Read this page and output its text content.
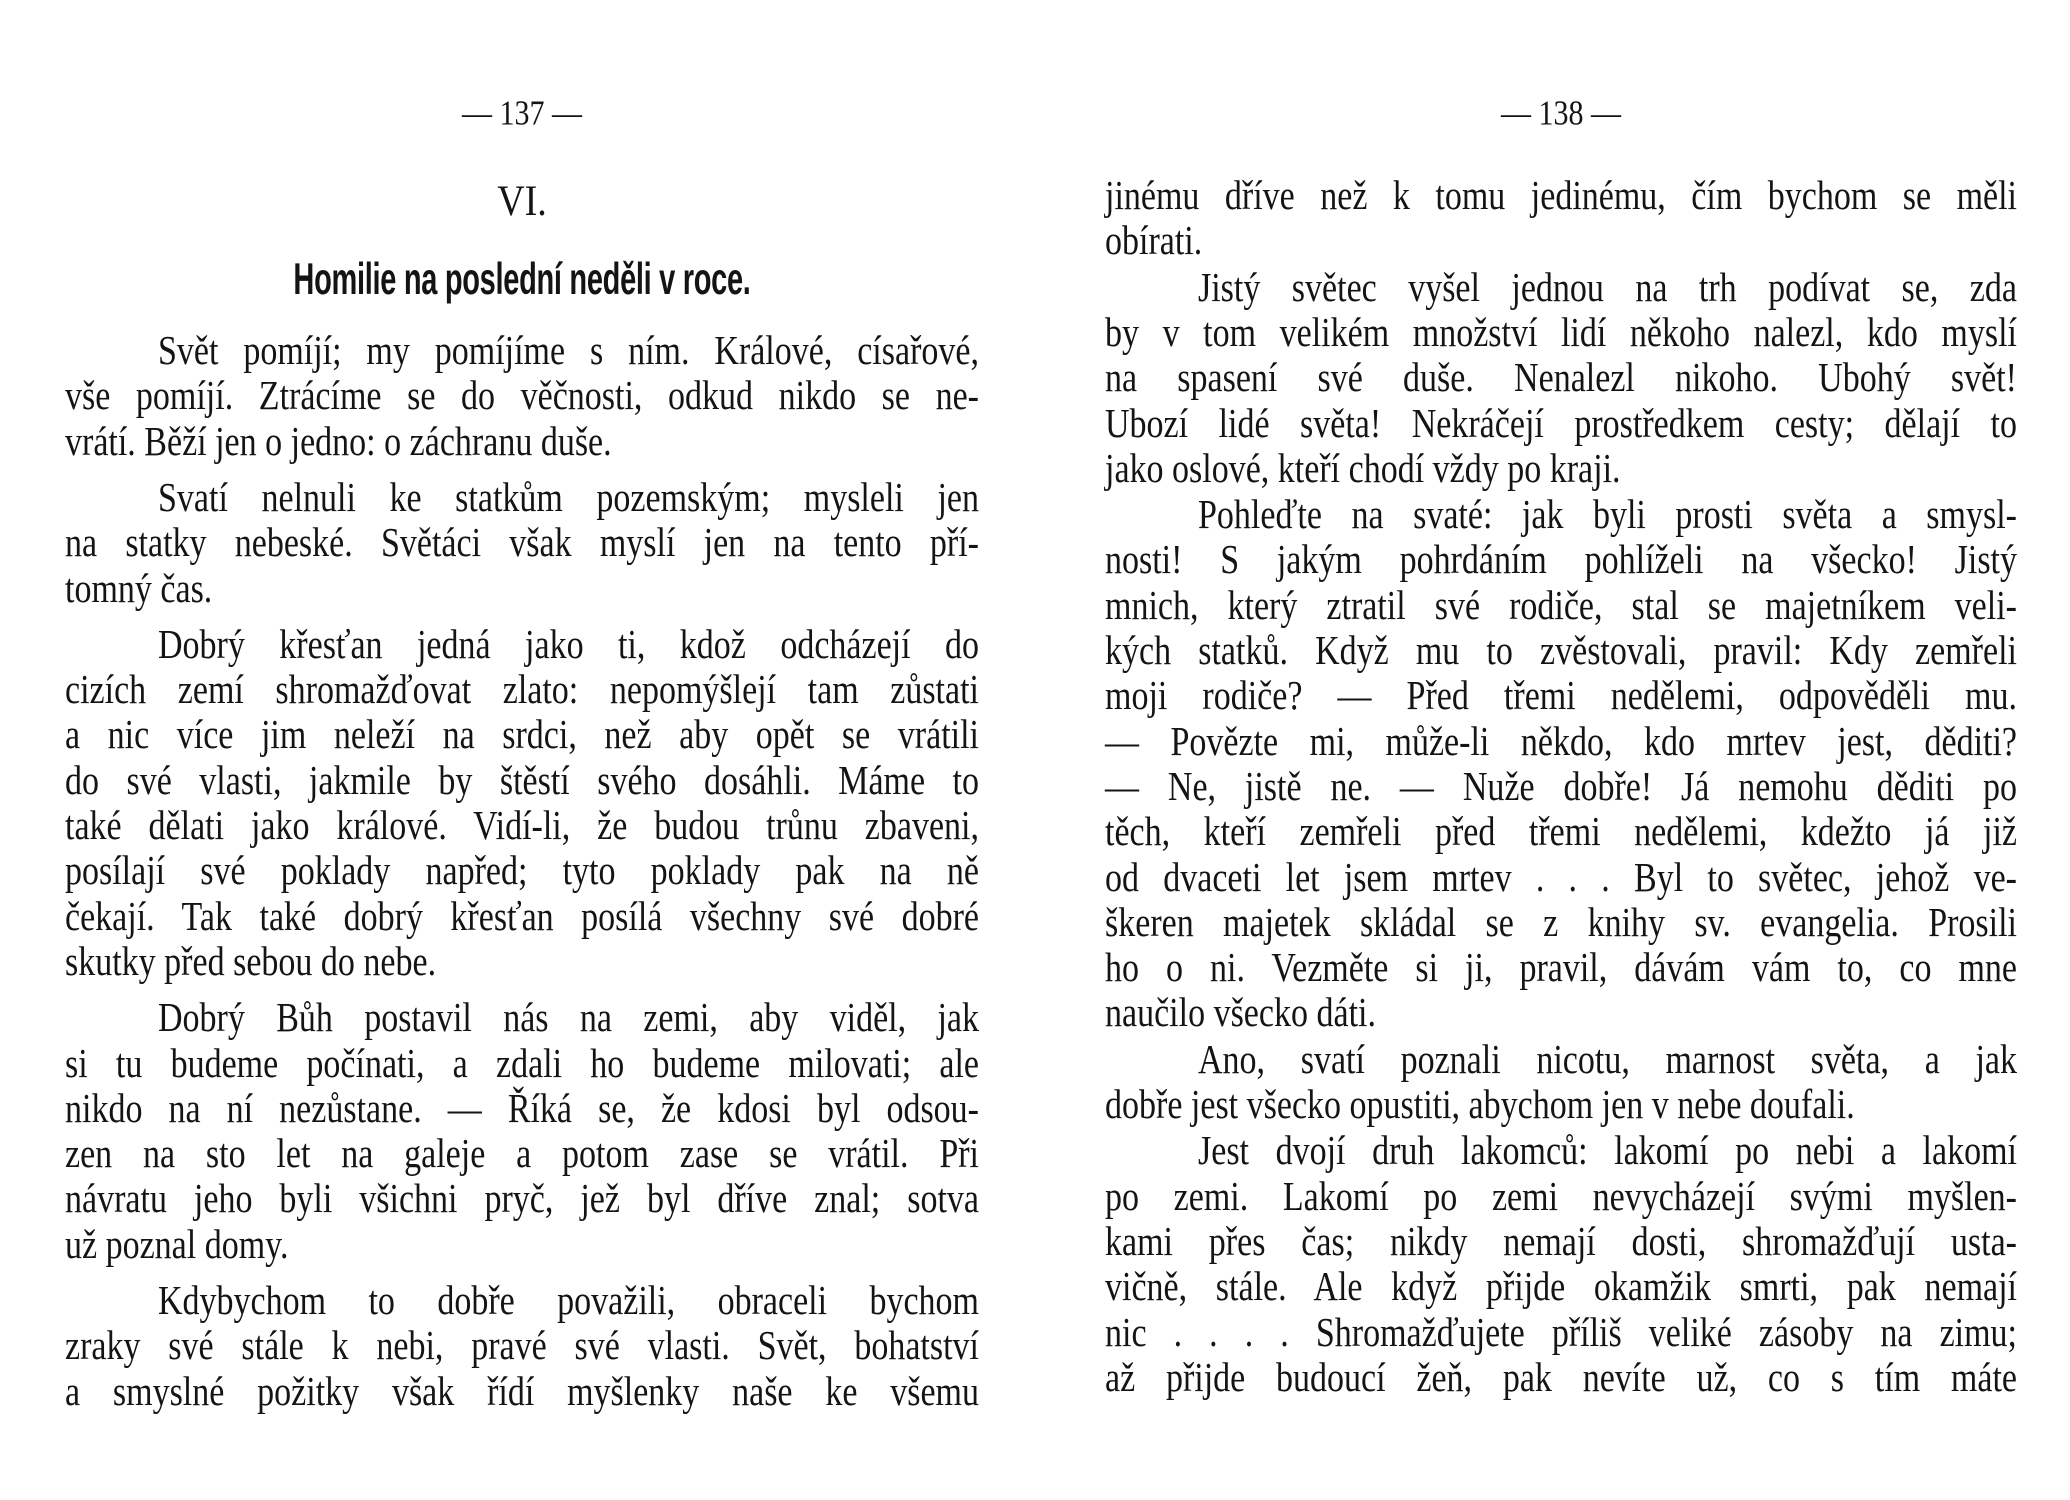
— 137 —
VI.
Homilie na poslední neděli v roce.
Svět pomíjí; my pomíjíme s ním. Králové, císařové,
vše pomíjí. Ztrácíme se do věčnosti, odkud nikdo se ne-
vrátí. Běží jen o jedno: o záchranu duše.
Svatí nelnuli ke statkům pozemským; mysleli jen
na statky nebeské. Světáci však myslí jen na tento pří-
tomný čas.
Dobrý křesťan jedná jako ti, kdož odcházejí do
cizích zemí shromažďovat zlato: nepomýšlejí tam zůstati
a nic více jim neleží na srdci, než aby opět se vrátili
do své vlasti, jakmile by štěstí svého dosáhli. Máme to
také dělati jako králové. Vidí-li, že budou trůnu zbaveni,
posílají své poklady napřed; tyto poklady pak na ně
čekají. Tak také dobrý křesťan posílá všechny své dobré
skutky před sebou do nebe.
Dobrý Bůh postavil nás na zemi, aby viděl, jak
si tu budeme počínati, a zdali ho budeme milovati; ale
nikdo na ní nezůstane. — Říká se, že kdosi byl odsou-
zen na sto let na galeje a potom zase se vrátil. Při
návratu jeho byli všichni pryč, jež byl dříve znal; sotva
už poznal domy.
Kdybychom to dobře považili, obraceli bychom
zraky své stále k nebi, pravé své vlasti. Svět, bohatství
a smyslné požitky však řídí myšlenky naše ke všemu
— 138 —
jinému dříve než k tomu jedinému, čím bychom se měli
obírati.
Jistý světec vyšel jednou na trh podívat se, zda
by v tom velikém množství lidí někoho nalezl, kdo myslí
na spasení své duše. Nenalezl nikoho. Ubohý svět!
Ubozí lidé světa! Nekráčejí prostředkem cesty; dělají to
jako oslové, kteří chodí vždy po kraji.
Pohleďte na svaté: jak byli prosti světa a smysl-
nosti! S jakým pohrdáním pohlíželi na všecko! Jistý
mnich, který ztratil své rodiče, stal se majetníkem veli-
kých statků. Když mu to zvěstovali, pravil: Kdy zemřeli
moji rodiče? — Před třemi nedělemi, odpověděli mu.
— Povězte mi, může-li někdo, kdo mrtev jest, děditi?
— Ne, jistě ne. — Nuže dobře! Já nemohu děditi po
těch, kteří zemřeli před třemi nedělemi, kdežto já již
od dvaceti let jsem mrtev . . . Byl to světec, jehož ve-
škeren majetek skládal se z knihy sv. evangelia. Prosili
ho o ni. Vezměte si ji, pravil, dávám vám to, co mne
naučilo všecko dáti.
Ano, svatí poznali nicotu, marnost světa, a jak
dobře jest všecko opustiti, abychom jen v nebe doufali.
Jest dvojí druh lakomců: lakomí po nebi a lakomí
po zemi. Lakomí po zemi nevycházejí svými myšlen-
kami přes čas; nikdy nemají dosti, shromažďují usta-
vičně, stále. Ale když přijde okamžik smrti, pak nemají
nic . . . . Shromažďujete příliš veliké zásoby na zimu;
až přijde budoucí žeň, pak nevíte už, co s tím máte
